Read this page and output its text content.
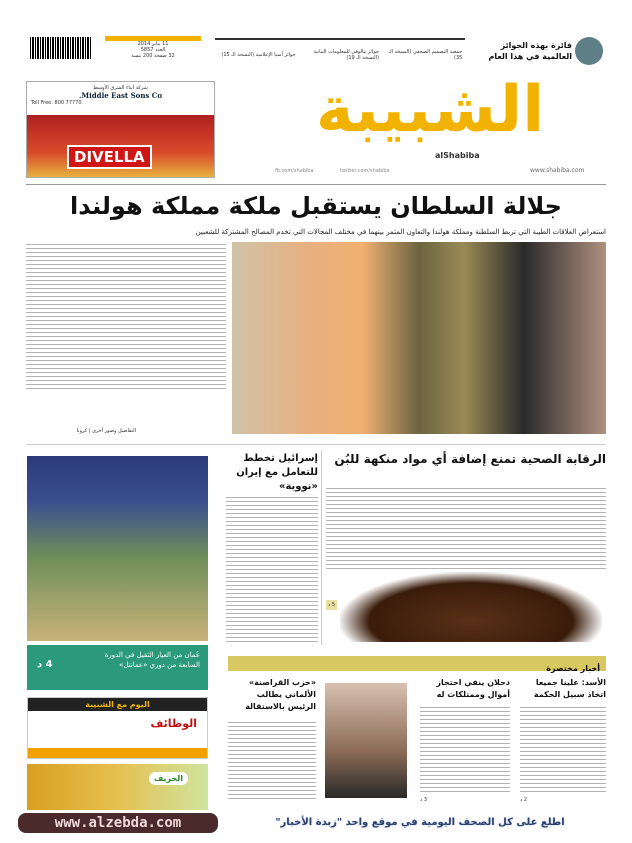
11 يناير 2014
العدد 5857
32 صفحة 200 بيسة
جمعية التصميم الصحفي (النسخة الـ 35)
جوائز مالوفي للمعلومات البيانية (النسخة الـ 19)
جوائز آسيا الإعلامية (النسخة الـ 15)
فائزة بهذه الجوائز العالمية في هذا العام
شركة أبناء الشرق الأوسط
Middle East Sons Co.
Toll Free: 800 77770
DIVELLA
الشبيبة
alShabiba
www.shabiba.com
twitter.com/shabiba
fb.com/shabiba
جلالة السلطان يستقبل ملكة مملكة هولندا
استعراض العلاقات الطيبة التي تربط السلطنة ومملكة هولندا والتعاون المثمر بينهما في مختلف المجالات التي تخدم المصالح المشتركة للشعبين
التفاصيل وصور أخرى | كرونا
عُمان من العيار الثقيل في الدورة السابعة من دوري «عمانتل»
4 د
إسرائيل تخطط للتعامل مع إيران «نووية»
الرقابة الصحية تمنع إضافة أي مواد منكهة للبُن
5 د
أخبار مختصرة
الأسد: علينا جميعا اتخاذ سبيل الحكمة
2 د
دحلان ينفي احتجاز أموال وممتلكات له
3 د
«حزب القراصنة» الألماني يطالب الرئيس بالاستقالة
اليوم مع الشبيبة
الوظائف
الخريف
اطلع على كل الصحف اليومية في موقع واحد "زبدة الأخبار"
www.alzebda.com
